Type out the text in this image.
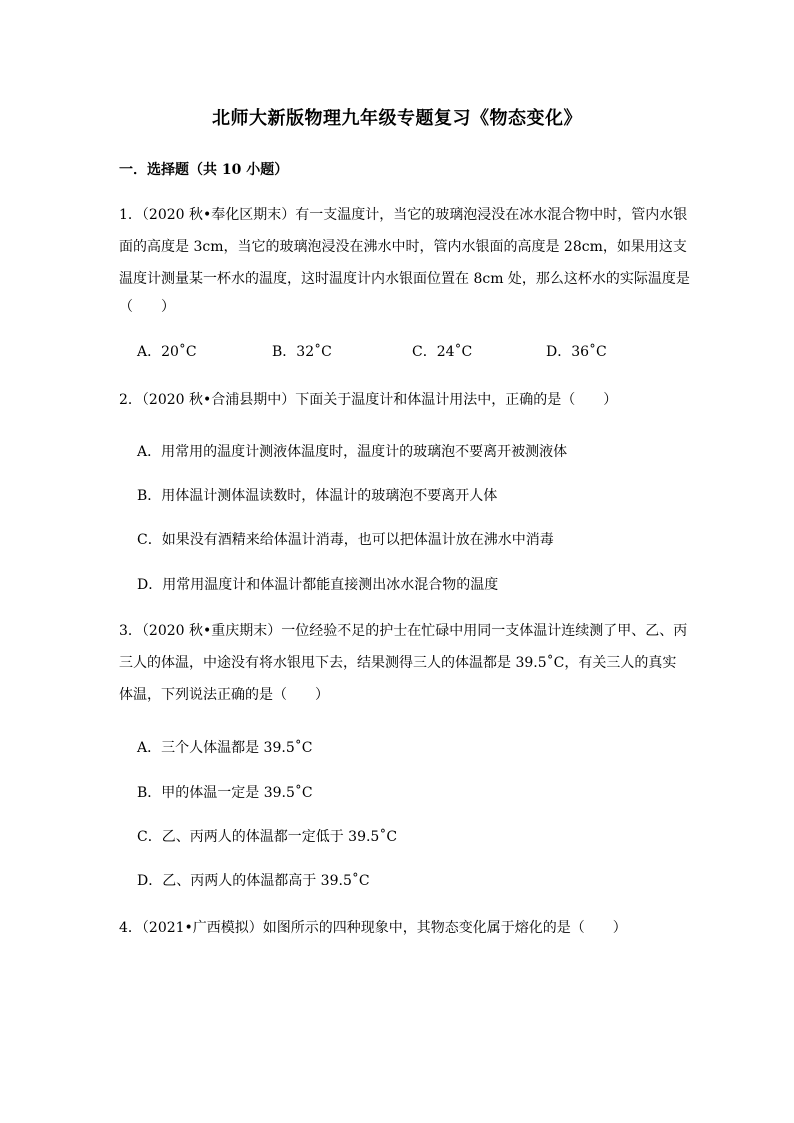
北师大新版物理九年级专题复习《物态变化》
一．选择题（共 10 小题）
1．（2020 秋•奉化区期末）有一支温度计，当它的玻璃泡浸没在冰水混合物中时，管内水银
面的高度是 3cm，当它的玻璃泡浸没在沸水中时，管内水银面的高度是 28cm，如果用这支
温度计测量某一杯水的温度，这时温度计内水银面位置在 8cm 处，那么这杯水的实际温度是
（　　）
A．20˚C	B．32˚C	C．24˚C	D．36˚C
2．（2020 秋•合浦县期中）下面关于温度计和体温计用法中，正确的是（　　）
A．用常用的温度计测液体温度时，温度计的玻璃泡不要离开被测液体
B．用体温计测体温读数时，体温计的玻璃泡不要离开人体
C．如果没有酒精来给体温计消毒，也可以把体温计放在沸水中消毒
D．用常用温度计和体温计都能直接测出冰水混合物的温度
3．（2020 秋•重庆期末）一位经验不足的护士在忙碌中用同一支体温计连续测了甲、乙、丙
三人的体温，中途没有将水银甩下去，结果测得三人的体温都是 39.5˚C，有关三人的真实
体温，下列说法正确的是（　　）
A．三个人体温都是 39.5˚C
B．甲的体温一定是 39.5˚C
C．乙、丙两人的体温都一定低于 39.5˚C
D．乙、丙两人的体温都高于 39.5˚C
4．（2021•广西模拟）如图所示的四种现象中，其物态变化属于熔化的是（　　）
